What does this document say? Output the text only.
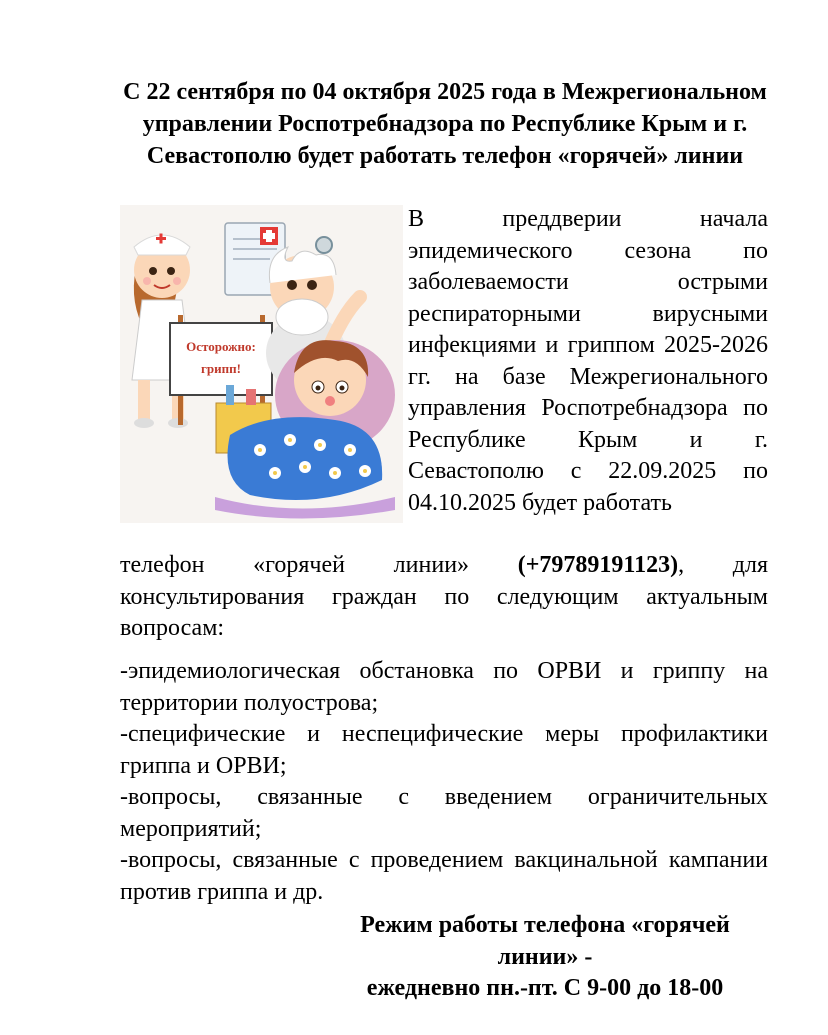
С 22 сентября по 04 октября 2025 года в Межрегиональном управлении Роспотребнадзора по Республике Крым и г. Севастополю будет работать телефон «горячей» линии
Осторожно:
грипп!

В преддверии начала эпидемического сезона по заболеваемости острыми респираторными вирусными инфекциями и гриппом 2025-2026 гг. на базе Межрегионального управления Роспотребнадзора по Республике Крым и г. Севастополю с 22.09.2025 по 04.10.2025 будет работать

телефон «горячей линии» (+79789191123), для консультирования граждан по следующим актуальным вопросам:

-эпидемиологическая обстановка по ОРВИ и гриппу на территории полуострова;
-специфические и неспецифические меры профилактики гриппа и ОРВИ;
-вопросы, связанные с введением ограничительных мероприятий;
-вопросы, связанные с проведением вакцинальной кампании против гриппа и др.

Режим работы телефона «горячей линии» -
ежедневно пн.-пт. С 9-00 до 18-00
